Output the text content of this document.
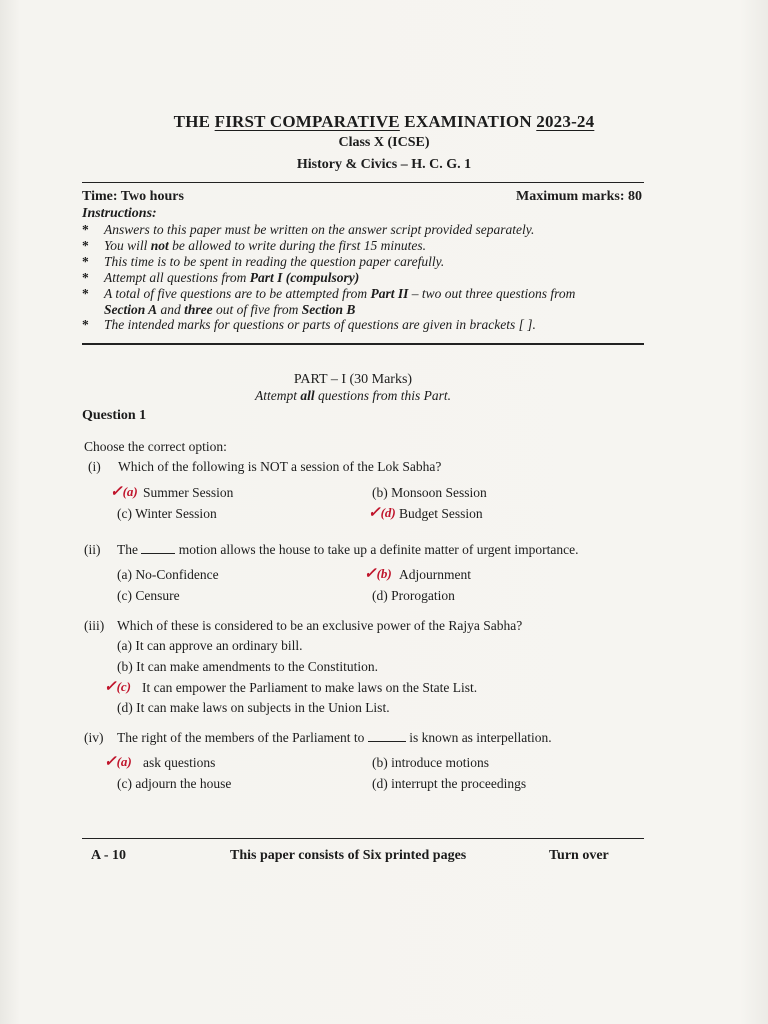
THE FIRST COMPARATIVE EXAMINATION 2023-24
Class X (ICSE)
History & Civics – H. C. G. 1
Time: Two hours	Maximum marks: 80
Instructions:
* Answers to this paper must be written on the answer script provided separately.
* You will not be allowed to write during the first 15 minutes.
* This time is to be spent in reading the question paper carefully.
* Attempt all questions from Part I (compulsory)
* A total of five questions are to be attempted from Part II – two out three questions from
Section A and three out of five from Section B
* The intended marks for questions or parts of questions are given in brackets [ ].
PART – I (30 Marks)
Attempt all questions from this Part.
Question 1
Choose the correct option:
(i) Which of the following is NOT a session of the Lok Sabha?
✓(a) Summer Session	(b) Monsoon Session
(c) Winter Session	✓(d) Budget Session
(ii) The	motion allows the house to take up a definite matter of urgent importance.
(a) No-Confidence	✓(b) Adjournment
(c) Censure	(d) Prorogation
(iii) Which of these is considered to be an exclusive power of the Rajya Sabha?
(a) It can approve an ordinary bill.
(b) It can make amendments to the Constitution.
✓(c) It can empower the Parliament to make laws on the State List.
(d) It can make laws on subjects in the Union List.
(iv) The right of the members of the Parliament to	is known as interpellation.
✓(a) ask questions	(b) introduce motions
(c) adjourn the house	(d) interrupt the proceedings
A - 10	This paper consists of Six printed pages	Turn over
